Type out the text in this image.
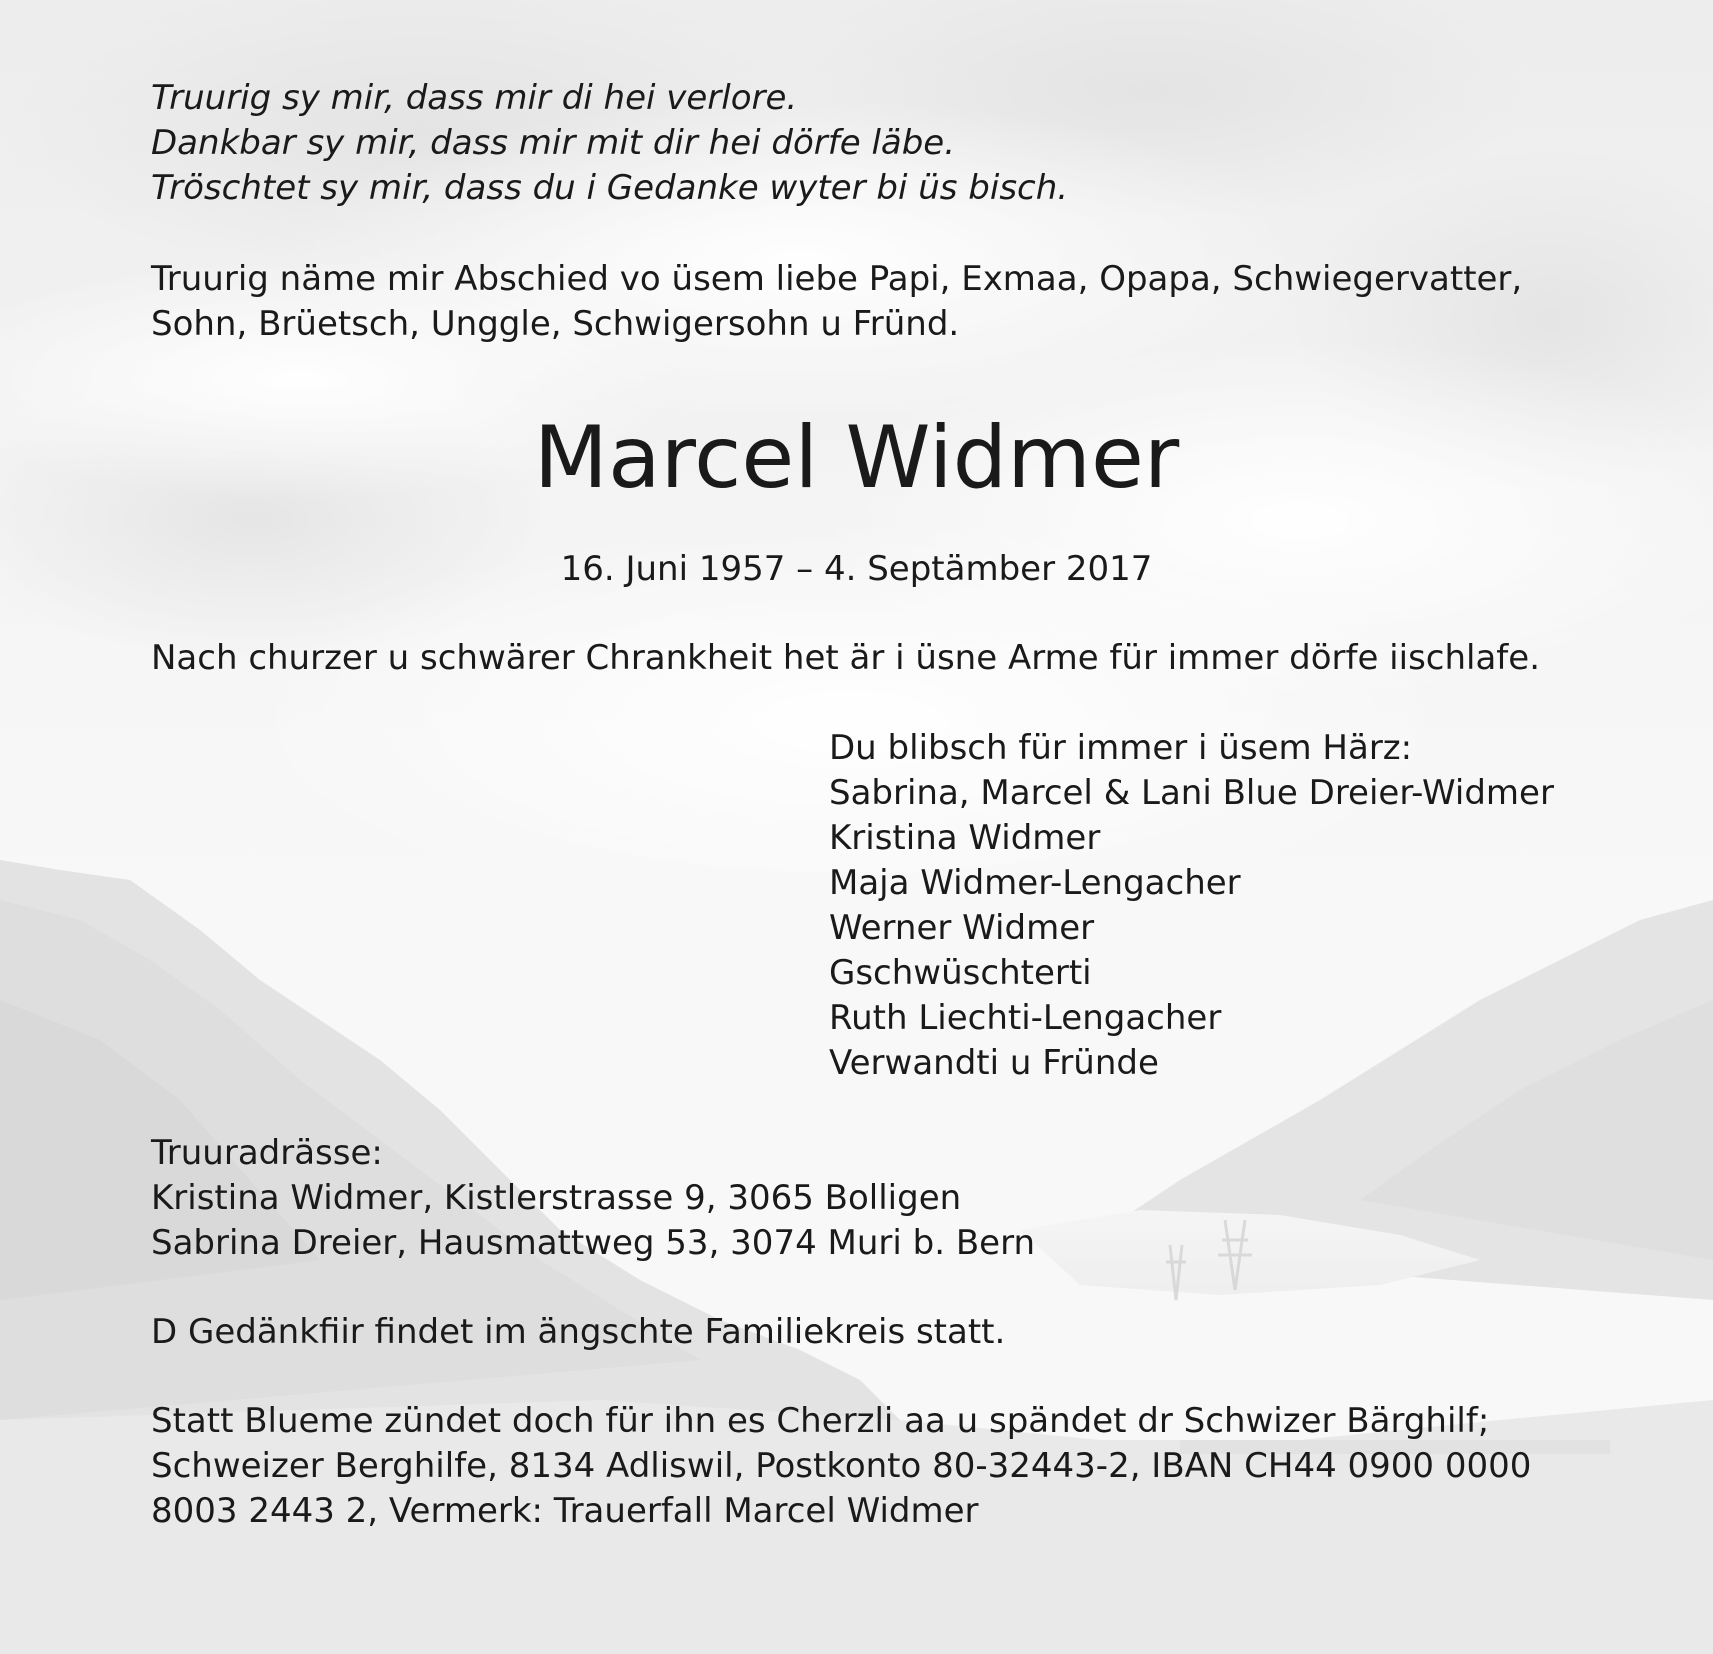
Truurig sy mir, dass mir di hei verlore.
Dankbar sy mir, dass mir mit dir hei dörfe läbe.
Tröschtet sy mir, dass du i Gedanke wyter bi üs bisch.
Truurig näme mir Abschied vo üsem liebe Papi, Exmaa, Opapa, Schwiegervatter,
Sohn, Brüetsch, Unggle, Schwigersohn u Fründ.
Marcel Widmer
16. Juni 1957 – 4. Septämber 2017
Nach churzer u schwärer Chrankheit het är i üsne Arme für immer dörfe iischlafe.
Du blibsch für immer i üsem Härz:
Sabrina, Marcel & Lani Blue Dreier-Widmer
Kristina Widmer
Maja Widmer-Lengacher
Werner Widmer
Gschwüschterti
Ruth Liechti-Lengacher
Verwandti u Fründe
Truuradrässe:
Kristina Widmer, Kistlerstrasse 9, 3065 Bolligen
Sabrina Dreier, Hausmattweg 53, 3074 Muri b. Bern
D Gedänkfiir findet im ängschte Familiekreis statt.
Statt Blueme zündet doch für ihn es Cherzli aa u spändet dr Schwizer Bärghilf;
Schweizer Berghilfe, 8134 Adliswil, Postkonto 80-32443-2, IBAN CH44 0900 0000
8003 2443 2, Vermerk: Trauerfall Marcel Widmer
